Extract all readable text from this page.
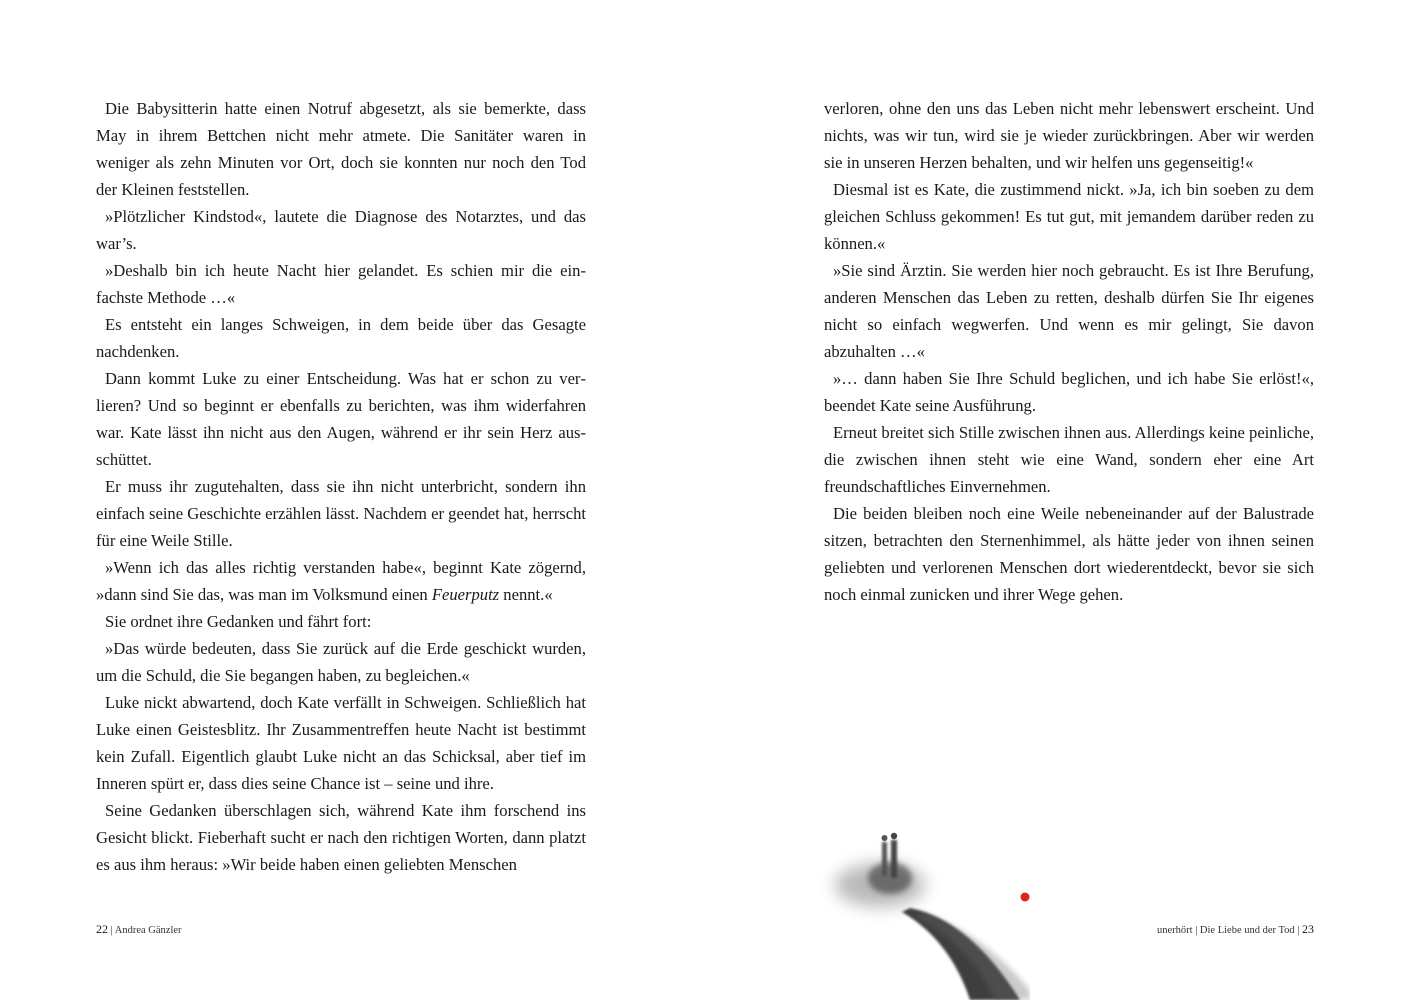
Die Babysitterin hatte einen Notruf abgesetzt, als sie bemerkte, dass May in ihrem Bettchen nicht mehr atmete. Die Sanitäter waren in weniger als zehn Minuten vor Ort, doch sie konnten nur noch den Tod der Kleinen feststellen.

»Plötzlicher Kindstod«, lautete die Diagnose des Notarztes, und das war’s.

»Deshalb bin ich heute Nacht hier gelandet. Es schien mir die einfachste Methode …«

Es entsteht ein langes Schweigen, in dem beide über das Gesagte nachdenken.

Dann kommt Luke zu einer Entscheidung. Was hat er schon zu verlieren? Und so beginnt er ebenfalls zu berichten, was ihm widerfahren war. Kate lässt ihn nicht aus den Augen, während er ihr sein Herz ausschüttet.

Er muss ihr zugutehalten, dass sie ihn nicht unterbricht, sondern ihn einfach seine Geschichte erzählen lässt. Nachdem er geendet hat, herrscht für eine Weile Stille.

»Wenn ich das alles richtig verstanden habe«, beginnt Kate zögernd, »dann sind Sie das, was man im Volksmund einen Feuerputz nennt.«

Sie ordnet ihre Gedanken und fährt fort:

»Das würde bedeuten, dass Sie zurück auf die Erde geschickt wurden, um die Schuld, die Sie begangen haben, zu begleichen.«

Luke nickt abwartend, doch Kate verfällt in Schweigen. Schließlich hat Luke einen Geistesblitz. Ihr Zusammentreffen heute Nacht ist bestimmt kein Zufall. Eigentlich glaubt Luke nicht an das Schicksal, aber tief im Inneren spürt er, dass dies seine Chance ist – seine und ihre.

Seine Gedanken überschlagen sich, während Kate ihm forschend ins Gesicht blickt. Fieberhaft sucht er nach den richtigen Worten, dann platzt es aus ihm heraus: »Wir beide haben einen geliebten Menschen

22 | Andrea Gänzler

verloren, ohne den uns das Leben nicht mehr lebenswert erscheint. Und nichts, was wir tun, wird sie je wieder zurückbringen. Aber wir werden sie in unseren Herzen behalten, und wir helfen uns gegenseitig!«

Diesmal ist es Kate, die zustimmend nickt. »Ja, ich bin soeben zu dem gleichen Schluss gekommen! Es tut gut, mit jemandem darüber reden zu können.«

»Sie sind Ärztin. Sie werden hier noch gebraucht. Es ist Ihre Berufung, anderen Menschen das Leben zu retten, deshalb dürfen Sie Ihr eigenes nicht so einfach wegwerfen. Und wenn es mir gelingt, Sie davon abzuhalten …«

»… dann haben Sie Ihre Schuld beglichen, und ich habe Sie erlöst!«, beendet Kate seine Ausführung.

Erneut breitet sich Stille zwischen ihnen aus. Allerdings keine peinliche, die zwischen ihnen steht wie eine Wand, sondern eher eine Art freundschaftliches Einvernehmen.

Die beiden bleiben noch eine Weile nebeneinander auf der Balustrade sitzen, betrachten den Sternenhimmel, als hätte jeder von ihnen seinen geliebten und verlorenen Menschen dort wiederentdeckt, bevor sie sich noch einmal zunicken und ihrer Wege gehen.

unerhört | Die Liebe und der Tod | 23
